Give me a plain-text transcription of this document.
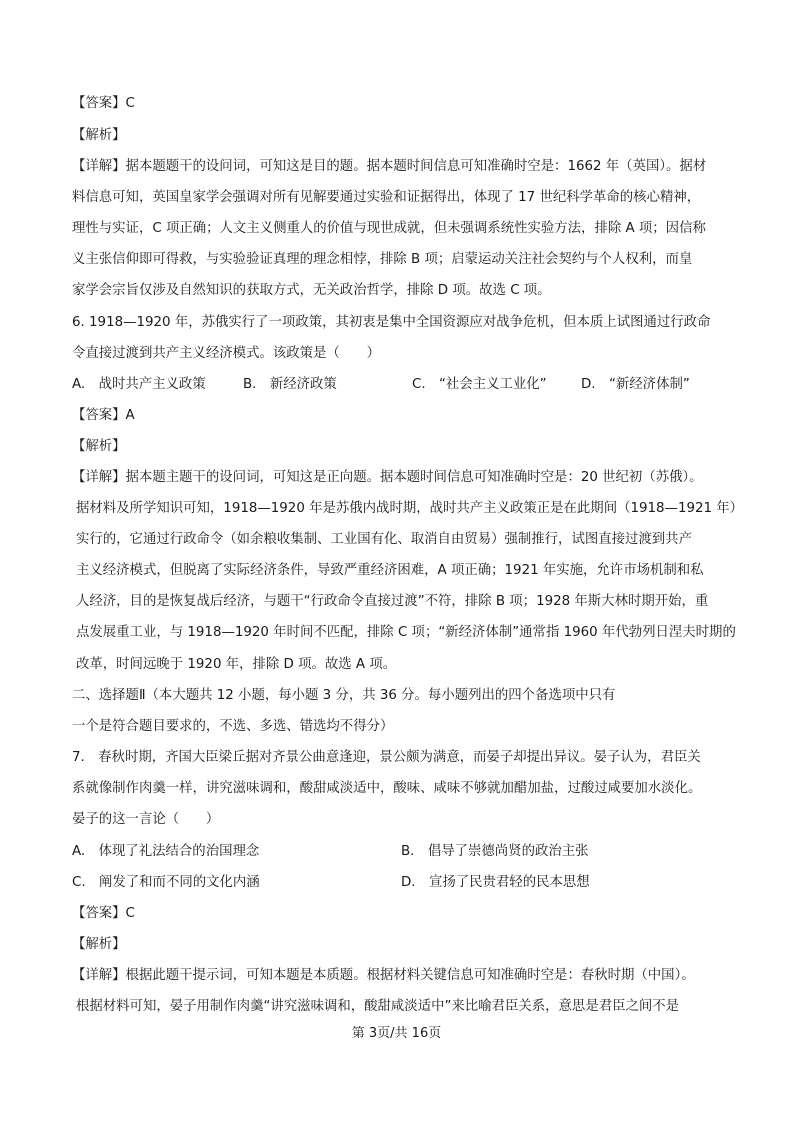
【答案】C
【解析】
【详解】据本题题干的设问词，可知这是目的题。据本题时间信息可知准确时空是：1662 年（英国）。据材
料信息可知，英国皇家学会强调对所有见解要通过实验和证据得出，体现了 17 世纪科学革命的核心精神，
理性与实证，C 项正确；人文主义侧重人的价值与现世成就，但未强调系统性实验方法，排除 A 项；因信称
义主张信仰即可得救，与实验验证真理的理念相悖，排除 B 项；启蒙运动关注社会契约与个人权利，而皇
家学会宗旨仅涉及自然知识的获取方式，无关政治哲学，排除 D 项。故选 C 项。
6. 1918—1920 年，苏俄实行了一项政策，其初衷是集中全国资源应对战争危机，但本质上试图通过行政命
令直接过渡到共产主义经济模式。该政策是（　　）
A.　战时共产主义政策	B.　新经济政策	C.　“社会主义工业化”	D.　“新经济体制”
【答案】A
【解析】
【详解】据本题主题干的设问词，可知这是正向题。据本题时间信息可知准确时空是：20 世纪初（苏俄）。
据材料及所学知识可知，1918—1920 年是苏俄内战时期，战时共产主义政策正是在此期间（1918—1921 年）
实行的，它通过行政命令（如余粮收集制、工业国有化、取消自由贸易）强制推行，试图直接过渡到共产
主义经济模式，但脱离了实际经济条件，导致严重经济困难，A 项正确；1921 年实施，允许市场机制和私
人经济，目的是恢复战后经济，与题干“行政命令直接过渡”不符，排除 B 项；1928 年斯大林时期开始，重
点发展重工业，与 1918—1920 年时间不匹配，排除 C 项；“新经济体制”通常指 1960 年代勃列日涅夫时期的
改革，时间远晚于 1920 年，排除 D 项。故选 A 项。
二、选择题Ⅱ（本大题共 12 小题，每小题 3 分，共 36 分。每小题列出的四个备选项中只有
一个是符合题目要求的，不选、多选、错选均不得分）
7.　春秋时期，齐国大臣梁丘据对齐景公曲意逢迎，景公颇为满意，而晏子却提出异议。晏子认为，君臣关
系就像制作肉羹一样，讲究滋味调和，酸甜咸淡适中，酸味、咸味不够就加醋加盐，过酸过咸要加水淡化。
晏子的这一言论（　　）
A.　体现了礼法结合的治国理念	B.　倡导了崇德尚贤的政治主张
C.　阐发了和而不同的文化内涵	D.　宣扬了民贵君轻的民本思想
【答案】C
【解析】
【详解】根据此题干提示词，可知本题是本质题。根据材料关键信息可知准确时空是：春秋时期（中国）。
根据材料可知，晏子用制作肉羹“讲究滋味调和，酸甜咸淡适中”来比喻君臣关系，意思是君臣之间不是
第 3页/共 16页
